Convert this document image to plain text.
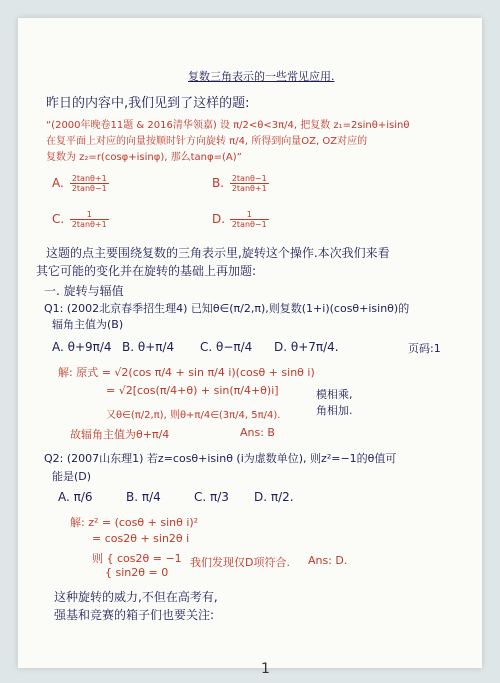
复数三角表示的一些常见应用.
昨日的内容中,我们见到了这样的题:
“(2000年晚卷11题 & 2016清华领嘉) 设 π/2<θ<3π/4, 把复数 z₁=2sinθ+isinθ
在复平面上对应的向量按顺时针方向旋转 π/4, 所得到向量OZ, OZ对应的
复数为 z₂=r(cosφ+isinφ), 那么tanφ=(A)”
A. $\frac{2\tan\theta+1}{2\tan\theta-1}$	B. $\frac{2\tan\theta-1}{2\tan\theta+1}$
C. $\frac{1}{2\tan\theta+1}$	D. $\frac{1}{2\tan\theta-1}$
这题的点主要围绕复数的三角表示里,旋转这个操作.本次我们来看
其它可能的变化并在旋转的基础上再加题:
一. 旋转与辐值
Q1: (2002北京春季招生理4) 已知θ∈(π/2,π),则复数(1+i)(cosθ+isinθ)的
辐角主值为(B)
A. θ+9π/4 B. θ+π/4 C. θ−π/4 D. θ+7π/4.	页码:1
解: 原式 = √2(cos π/4 + sin π/4 i)(cosθ + sinθ i)
= √2[cos(π/4+θ) + sin(π/4+θ)i]	模相乘,
角相加.
又θ∈(π/2,π), 则θ+π/4∈(3π/4, 5π/4).
故辐角主值为θ+π/4	Ans: B
Q2: (2007山东理1) 若z=cosθ+isinθ (i为虚数单位), 则z²=−1的θ值可
能是(D)
A. π/6	B. π/4	C. π/3 D. π/2.
解: z² = (cosθ + sinθ i)²
= cos2θ + sin2θ i
则 { cos2θ = −1
{ sin2θ = 0
我们发现仅D项符合. Ans: D.
这种旋转的威力,不但在高考有,
强基和竞赛的箱子们也要关注:
1
